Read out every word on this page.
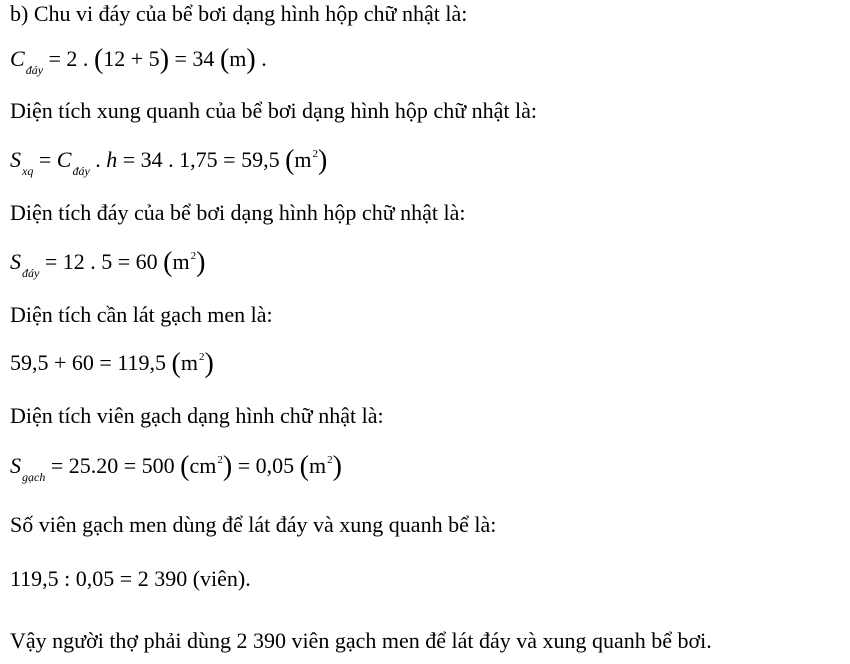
b) Chu vi đáy của bể bơi dạng hình hộp chữ nhật là:
$C_{đáy} = 2$ . (12 + 5) = 34 (m) .
Diện tích xung quanh của bể bơi dạng hình hộp chữ nhật là:
$S_{xq} = C_{đáy}$ . h = 34 . 1,75 = 59,5 $(m^2)$
Diện tích đáy của bể bơi dạng hình hộp chữ nhật là:
$S_{đáy} = 12$ . 5 = 60 $(m^2)$
Diện tích cần lát gạch men là:
59,5 + 60 = 119,5 $(m^2)$
Diện tích viên gạch dạng hình chữ nhật là:
$S_{gạch} = 25.20 = 500$ $(cm^2) = 0,05$ $(m^2)$
Số viên gạch men dùng để lát đáy và xung quanh bể là:
119,5 : 0,05 = 2 390 (viên).
Vậy người thợ phải dùng 2 390 viên gạch men để lát đáy và xung quanh bể bơi.
